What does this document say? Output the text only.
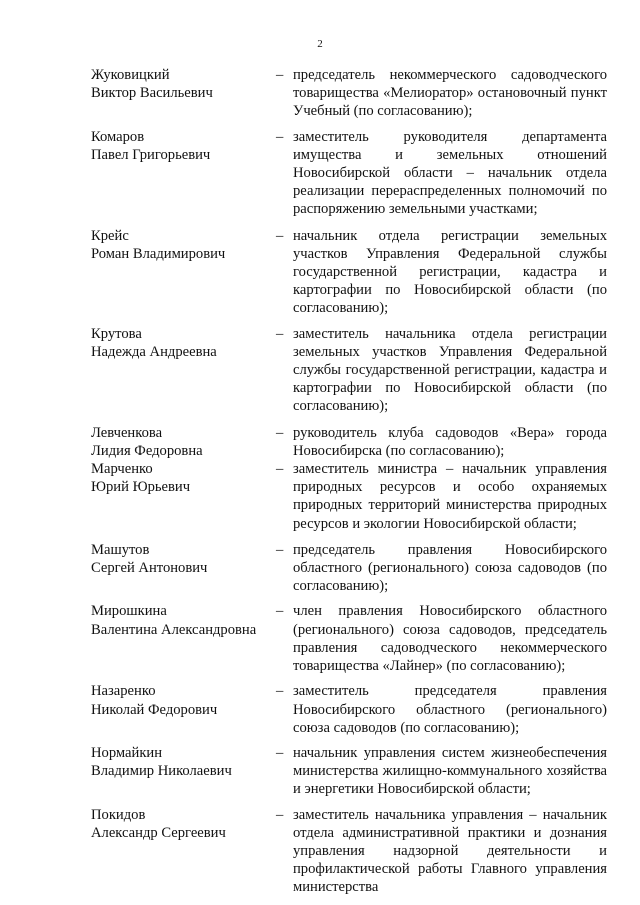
2
Жуковицкий
Виктор Васильевич
– председатель некоммерческого садоводческого товарищества «Мелиоратор» остановочный пункт Учебный (по согласованию);
Комаров
Павел Григорьевич
– заместитель руководителя департамента имущества и земельных отношений Новосибирской области – начальник отдела реализации перераспределенных полномочий по распоряжению земельными участками;
Крейс
Роман Владимирович
– начальник отдела регистрации земельных участков Управления Федеральной службы государственной регистрации, кадастра и картографии по Новосибирской области (по согласованию);
Крутова
Надежда Андреевна
– заместитель начальника отдела регистрации земельных участков Управления Федеральной службы государственной регистрации, кадастра и картографии по Новосибирской области (по согласованию);
Левченкова
Лидия Федоровна
– руководитель клуба садоводов «Вера» города Новосибирска (по согласованию);
Марченко
Юрий Юрьевич
– заместитель министра – начальник управления природных ресурсов и особо охраняемых природных территорий министерства природных ресурсов и экологии Новосибирской области;
Машутов
Сергей Антонович
– председатель правления Новосибирского областного (регионального) союза садоводов (по согласованию);
Мирошкина
Валентина Александровна
– член правления Новосибирского областного (регионального) союза садоводов, председатель правления садоводческого некоммерческого товарищества «Лайнер» (по согласованию);
Назаренко
Николай Федорович
– заместитель председателя правления Новосибирского областного (регионального) союза садоводов (по согласованию);
Нормайкин
Владимир Николаевич
– начальник управления систем жизнеобеспечения министерства жилищно-коммунального хозяйства и энергетики Новосибирской области;
Покидов
Александр Сергеевич
– заместитель начальника управления – начальник отдела административной практики и дознания управления надзорной деятельности и профилактической работы Главного управления министерства
